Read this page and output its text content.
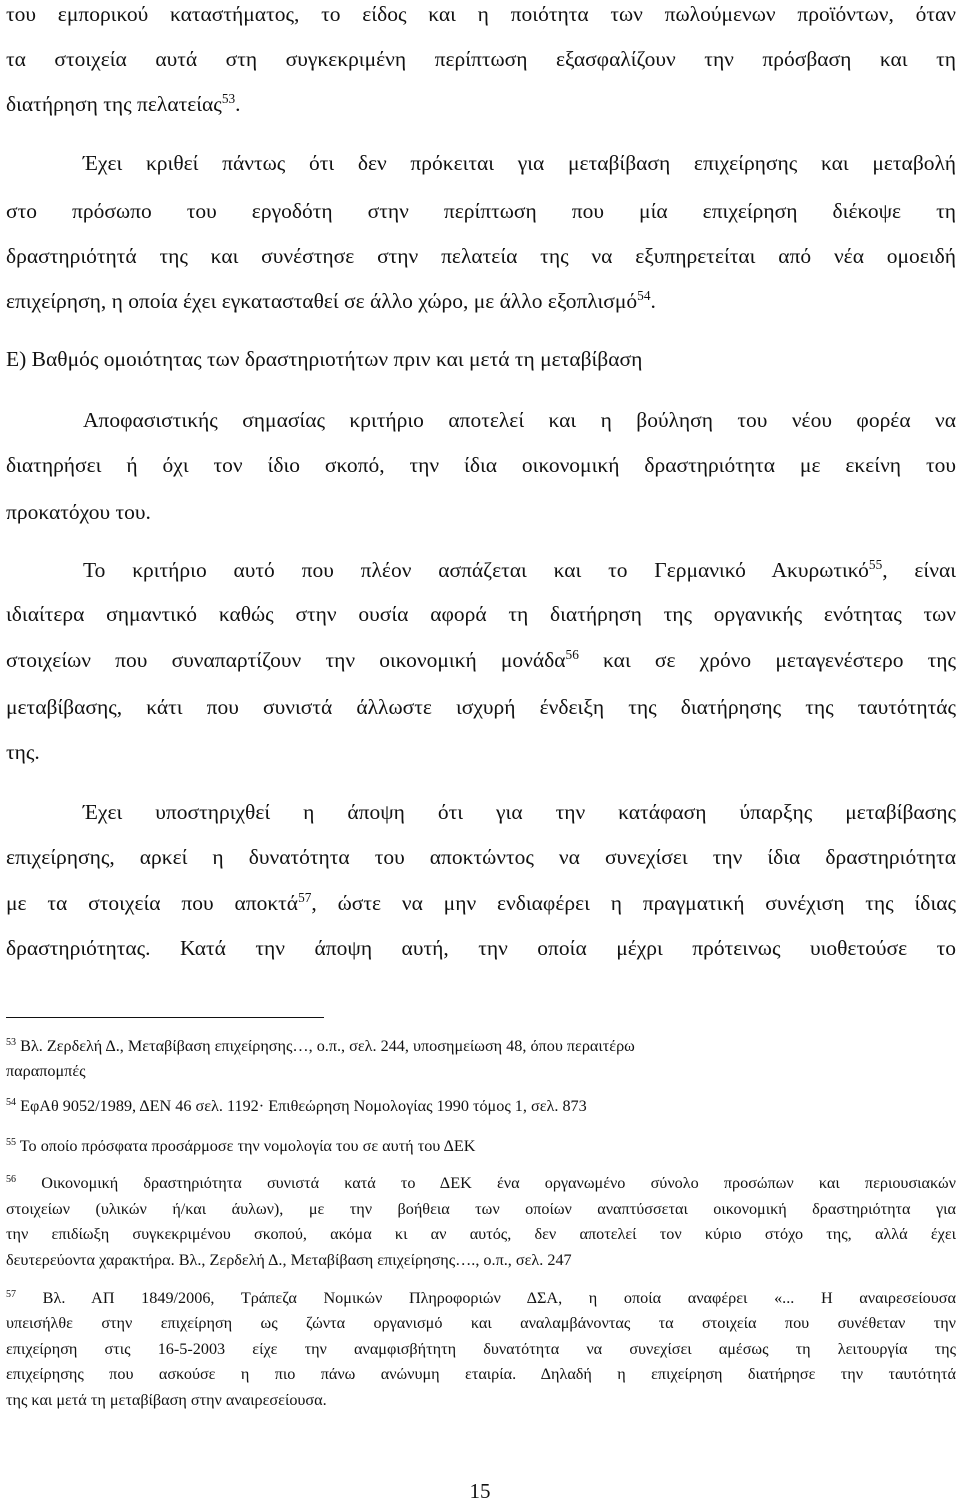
του εμπορικού καταστήματος, το είδος και η ποιότητα των πωλούμενων προϊόντων, όταν
τα στοιχεία αυτά στη συγκεκριμένη περίπτωση εξασφαλίζουν την πρόσβαση και τη
διατήρηση της πελατείας$^{53}$.
Έχει κριθεί πάντως ότι δεν πρόκειται για μεταβίβαση επιχείρησης και μεταβολή
στο πρόσωπο του εργοδότη στην περίπτωση που μία επιχείρηση διέκοψε τη
δραστηριότητά της και συνέστησε στην πελατεία της να εξυπηρετείται από νέα ομοειδή
επιχείρηση, η οποία έχει εγκατασταθεί σε άλλο χώρο, με άλλο εξοπλισμό$^{54}$.
Ε) Βαθμός ομοιότητας των δραστηριοτήτων πριν και μετά τη μεταβίβαση
Αποφασιστικής σημασίας κριτήριο αποτελεί και η βούληση του νέου φορέα να
διατηρήσει ή όχι τον ίδιο σκοπό, την ίδια οικονομική δραστηριότητα με εκείνη του
προκατόχου του.
Το κριτήριο αυτό που πλέον ασπάζεται και το Γερμανικό Ακυρωτικό$^{55}$, είναι
ιδιαίτερα σημαντικό καθώς στην ουσία αφορά τη διατήρηση της οργανικής ενότητας των
στοιχείων που συναπαρτίζουν την οικονομική μονάδα$^{56}$ και σε χρόνο μεταγενέστερο της
μεταβίβασης, κάτι που συνιστά άλλωστε ισχυρή ένδειξη της διατήρησης της ταυτότητάς
της.
Έχει υποστηριχθεί η άποψη ότι για την κατάφαση ύπαρξης μεταβίβασης
επιχείρησης, αρκεί η δυνατότητα του αποκτώντος να συνεχίσει την ίδια δραστηριότητα
με τα στοιχεία που αποκτά$^{57}$, ώστε να μην ενδιαφέρει η πραγματική συνέχιση της ίδιας
δραστηριότητας. Κατά την άποψη αυτή, την οποία μέχρι πρότεινως υιοθετούσε το
$^{53}$ Βλ. Ζερδελή Δ., Μεταβίβαση επιχείρησης…, ο.π., σελ. 244, υποσημείωση 48, όπου περαιτέρω
παραπομπές
$^{54}$ ΕφΑθ 9052/1989, ΔΕΝ 46 σελ. 1192· Επιθεώρηση Νομολογίας 1990 τόμος 1, σελ. 873
$^{55}$ Το οποίο πρόσφατα προσάρμοσε την νομολογία του σε αυτή του ΔΕΚ
$^{56}$ Οικονομική δραστηριότητα συνιστά κατά το ΔΕΚ ένα οργανωμένο σύνολο προσώπων και περιουσιακών
στοιχείων (υλικών ή/και άυλων), με την βοήθεια των οποίων αναπτύσσεται οικονομική δραστηριότητα για
την επιδίωξη συγκεκριμένου σκοπού, ακόμα κι αν αυτός, δεν αποτελεί τον κύριο στόχο της, αλλά έχει
δευτερεύοντα χαρακτήρα. Βλ., Ζερδελή Δ., Μεταβίβαση επιχείρησης…., ο.π., σελ. 247
$^{57}$ Βλ. ΑΠ 1849/2006, Τράπεζα Νομικών Πληροφοριών ΔΣΑ, η οποία αναφέρει «... Η αναιρεσείουσα
υπεισήλθε στην επιχείρηση ως ζώντα οργανισμό και αναλαμβάνοντας τα στοιχεία που συνέθεταν την
επιχείρηση στις 16-5-2003 είχε την αναμφισβήτητη δυνατότητα να συνεχίσει αμέσως τη λειτουργία της
επιχείρησης που ασκούσε η πιο πάνω ανώνυμη εταιρία. Δηλαδή η επιχείρηση διατήρησε την ταυτότητά
της και μετά τη μεταβίβαση στην αναιρεσείουσα.
15
